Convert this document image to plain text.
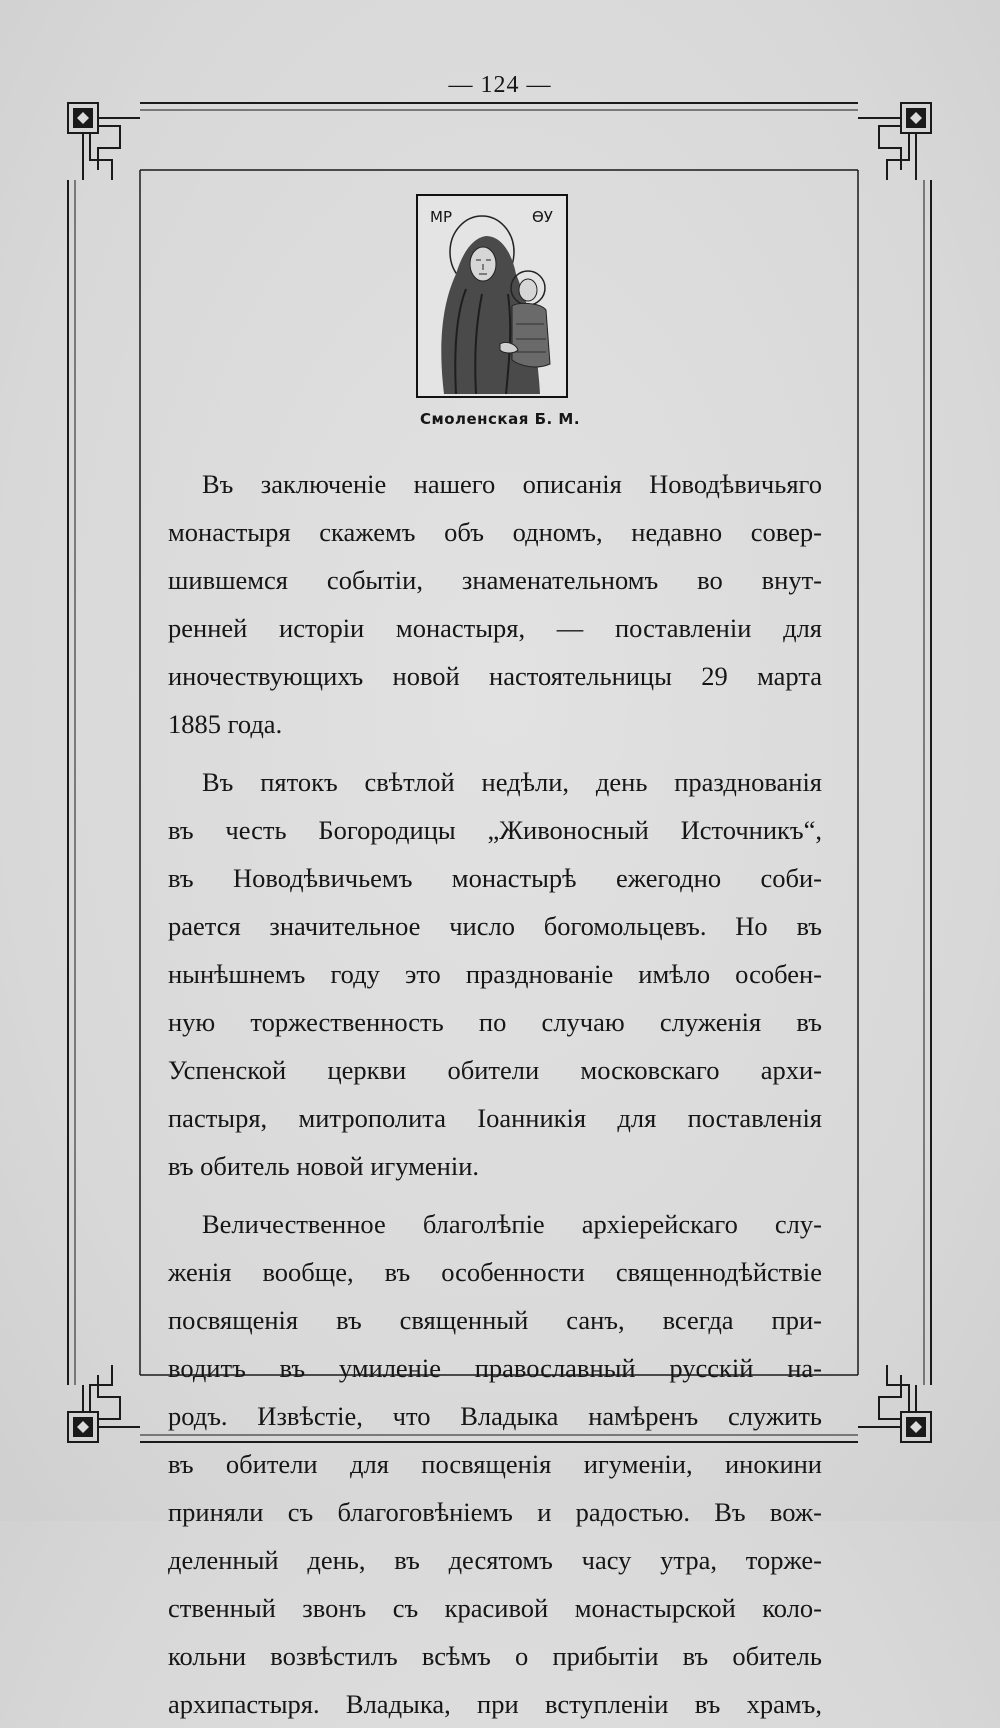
— 124 —
МР	ѲУ
Смоленская Б. М.
Въ заключенiе нашего описанiя Новодѣвичьяго
монастыря скажемъ объ одномъ, недавно совер-
шившемся событiи, знаменательномъ во внут-
ренней исторiи монастыря, — поставленiи для
иночествующихъ новой настоятельницы 29 марта
1885 года.
Въ пятокъ свѣтлой недѣли, день празднованiя
въ честь Богородицы „Живоносный Источникъ“,
въ Новодѣвичьемъ монастырѣ ежегодно соби-
рается значительное число богомольцевъ. Но въ
нынѣшнемъ году это празднованiе имѣло особен-
ную торжественность по случаю служенiя въ
Успенской церкви обители московскаго архи-
пастыря, митрополита Iоанникiя для поставленiя
въ обитель новой игуменiи.
Величественное благолѣпiе архiерейскаго слу-
женiя вообще, въ особенности священнодѣйствiе
посвященiя въ священный санъ, всегда при-
водитъ въ умиленiе православный русскiй на-
родъ. Извѣстiе, что Владыка намѣренъ служить
въ обители для посвященiя игуменiи, инокини
приняли съ благоговѣнiемъ и радостью. Въ вож-
деленный день, въ десятомъ часу утра, торже-
ственный звонъ съ красивой монастырской коло-
кольни возвѣстилъ всѣмъ о прибытiи въ обитель
архипастыря. Владыка, при вступленiи въ храмъ,
